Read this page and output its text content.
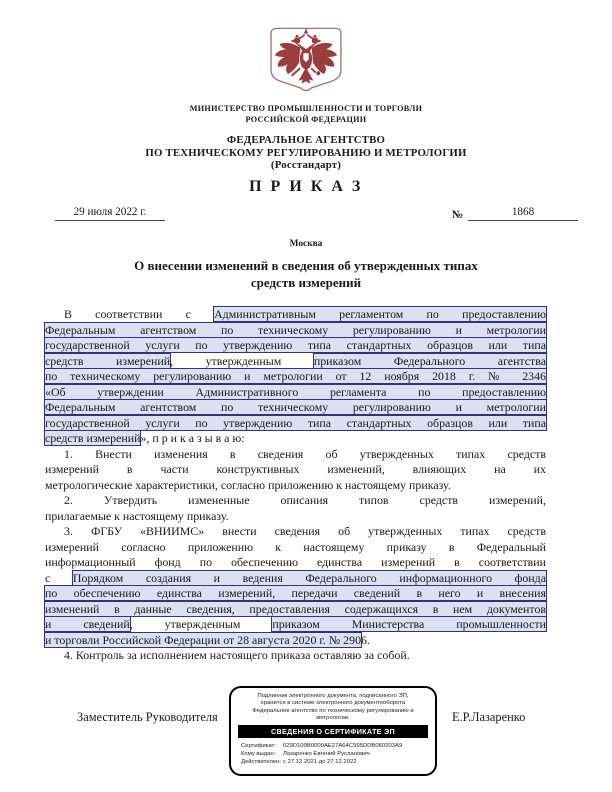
МИНИСТЕРСТВО ПРОМЫШЛЕННОСТИ И ТОРГОВЛИ
РОССИЙСКОЙ ФЕДЕРАЦИИ
ФЕДЕРАЛЬНОЕ АГЕНТСТВО
ПО ТЕХНИЧЕСКОМУ РЕГУЛИРОВАНИЮ И МЕТРОЛОГИИ
(Росстандарт)
П Р И К А З
29 июля 2022 г.	№	1868
Москва
О внесении изменений в сведения об утвержденных типах
средств измерений
В соответствии с Административным регламентом по предоставлению
Федеральным агентством по техническому регулированию и метрологии
государственной услуги по утверждению типа стандартных образцов или типа
средств измерений, утвержденным приказом Федерального агентства
по техническому регулированию и метрологии от 12 ноября 2018 г. № 2346
«Об утверждении Административного регламента по предоставлению
Федеральным агентством по техническому регулированию и метрологии
государственной услуги по утверждению типа стандартных образцов или типа
средств измерений», п р и к а з ы в а ю:
1. Внести изменения в сведения об утвержденных типах средств
измерений в части конструктивных изменений, влияющих на их
метрологические характеристики, согласно приложению к настоящему приказу.
2. Утвердить измененные описания типов средств измерений,
прилагаемые к настоящему приказу.
3. ФГБУ «ВНИИМС» внести сведения об утвержденных типах средств
измерений согласно приложению к настоящему приказу в Федеральный
информационный фонд по обеспечению единства измерений в соответствии
с Порядком создания и ведения Федерального информационного фонда
по обеспечению единства измерений, передачи сведений в него и внесения
изменений в данные сведения, предоставления содержащихся в нем документов
и сведений, утвержденным приказом Министерства промышленности
и торговли Российской Федерации от 28 августа 2020 г. № 2906.
4. Контроль за исполнением настоящего приказа оставляю за собой.
Заместитель Руководителя	Е.Р.Лазаренко
Подлинник электронного документа, подписанного ЭП,
хранится в системе электронного документооборота
Федеральное агентство по техническому регулированию и
метрологии.
СВЕДЕНИЯ О СЕРТИФИКАТЕ ЭП
Сертификат:	029D109B0009AE27A64C995DDB060203A9
Кому выдан:	Лазаренко Евгений Русланович
Действителен: с 27.12.2021 до 27.12.2022
